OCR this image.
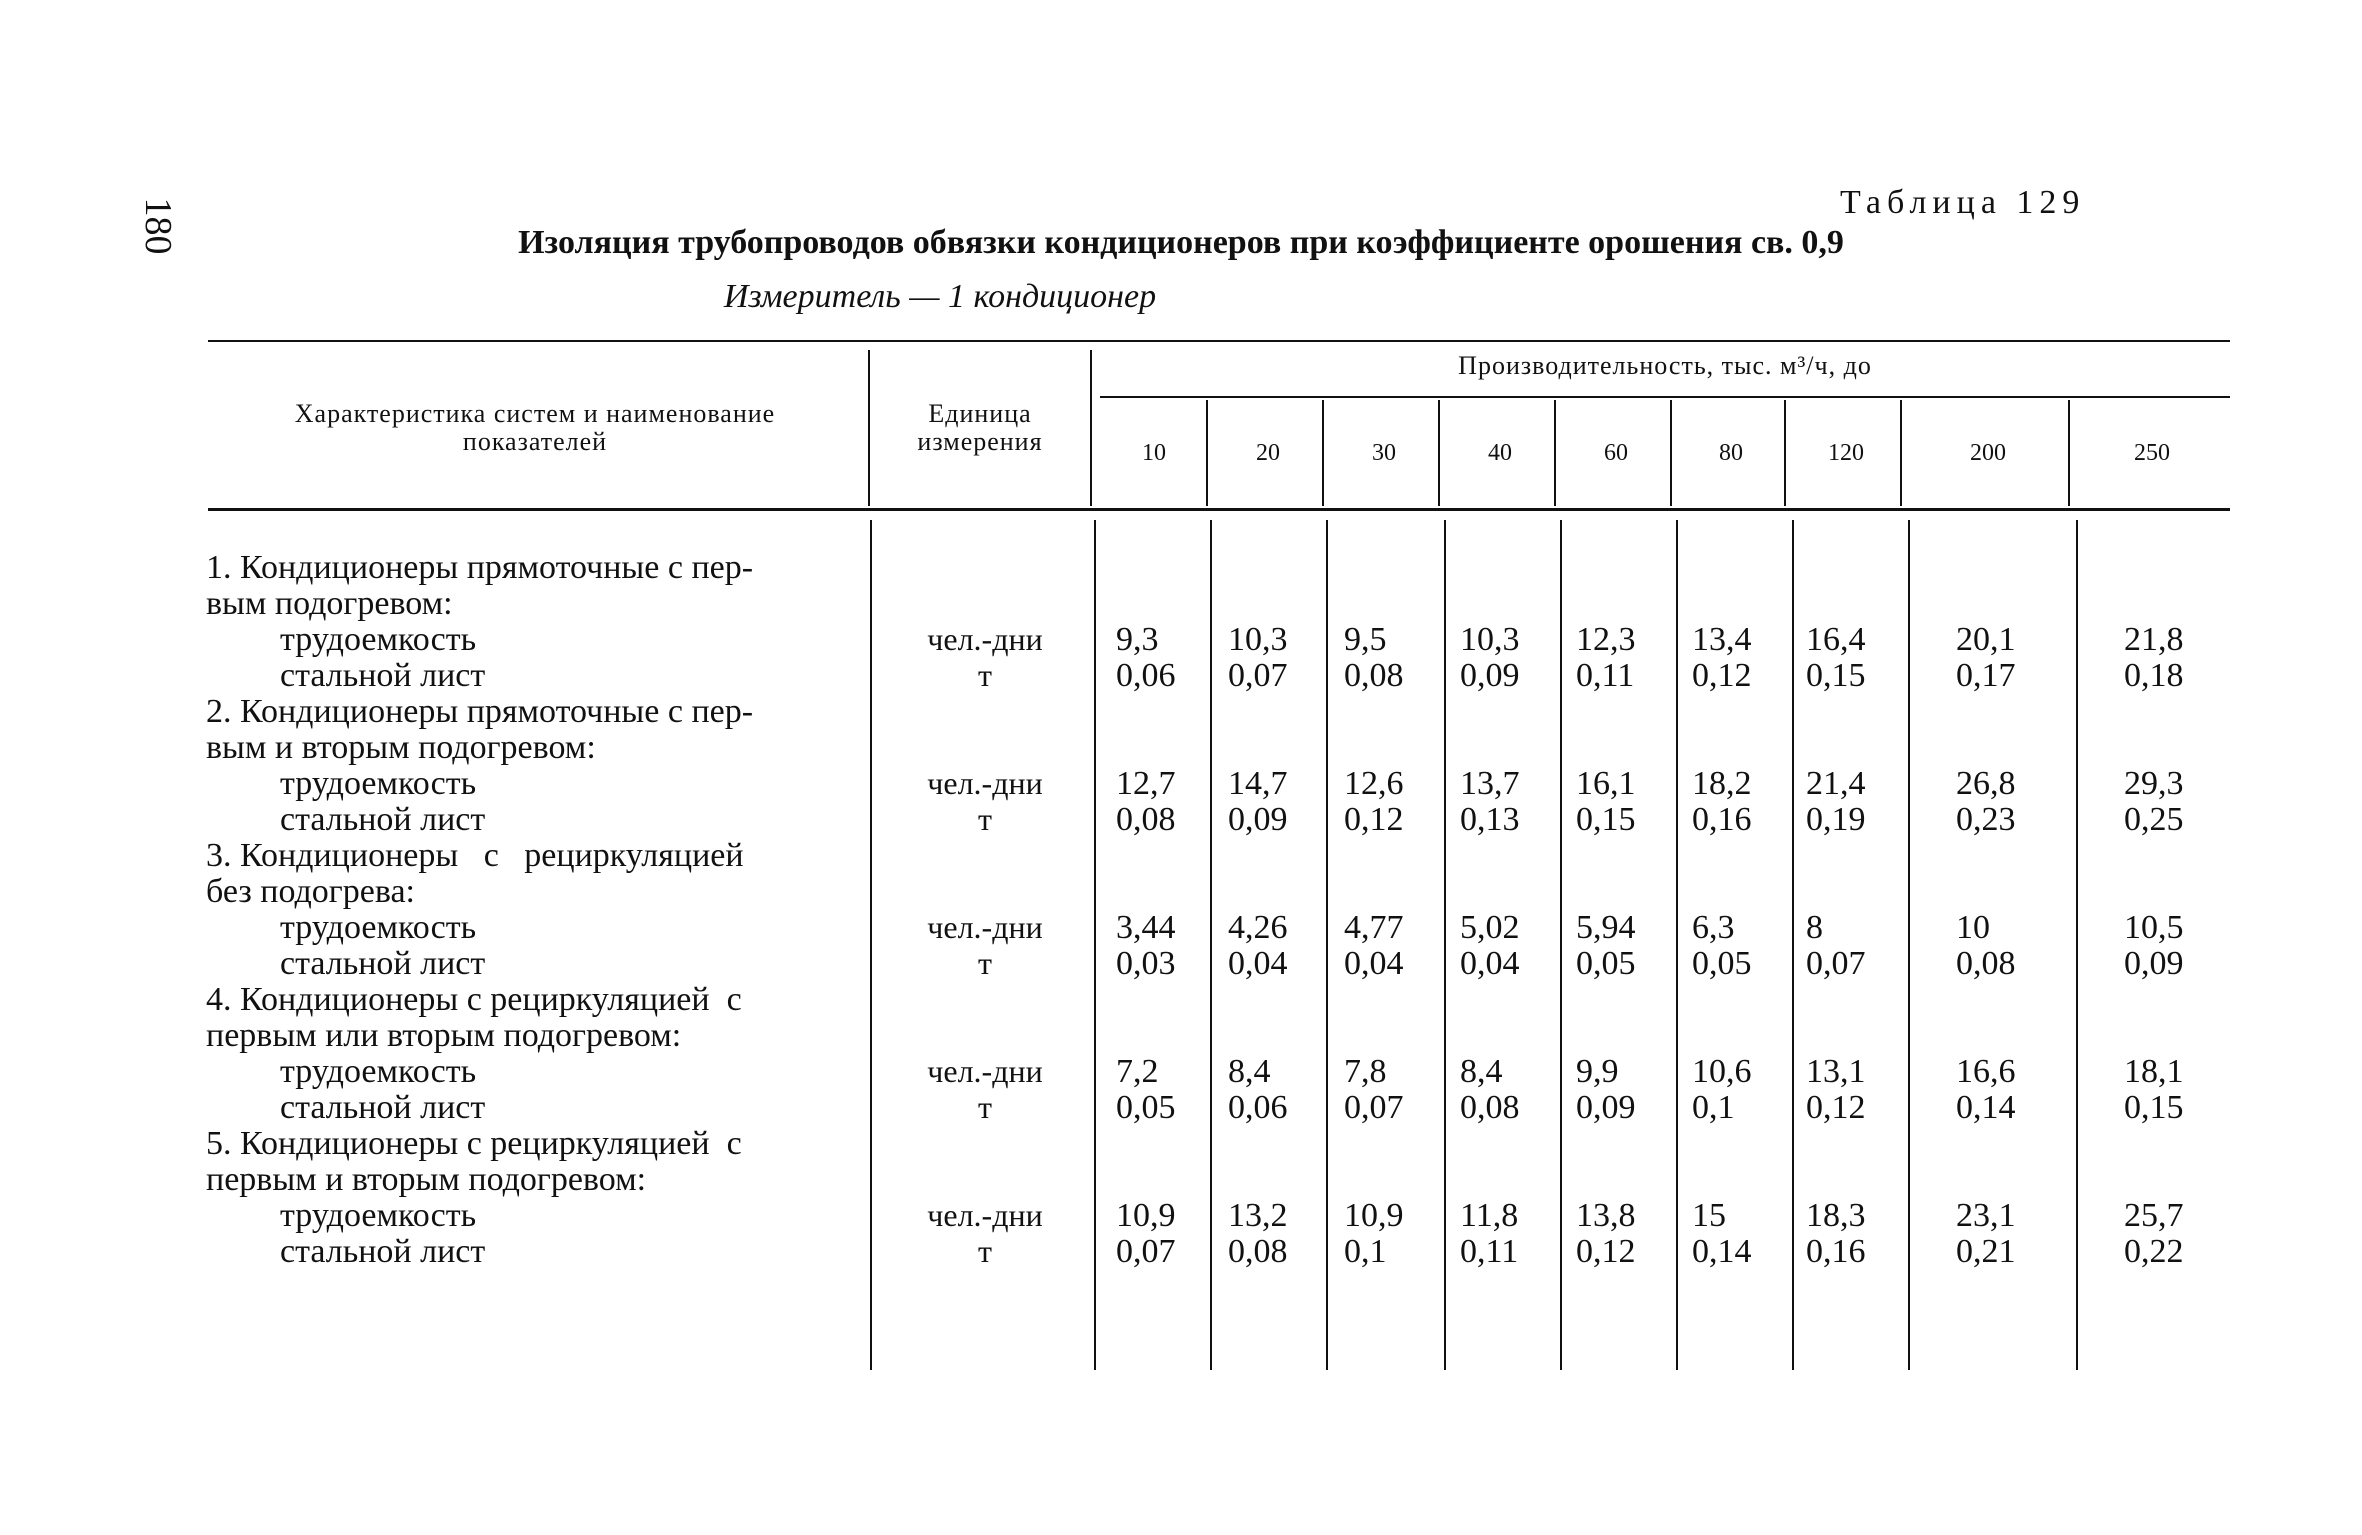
180	Таблица 129
Изоляция трубопроводов обвязки кондиционеров при коэффициенте орошения св. 0,9
Измеритель — 1 кондиционер
Характеристика систем и наименование показателей
Единица измерения
Производительность, тыс. м³/ч, до
10	20	30	40	60	80	120	200	250
1. Кондиционеры прямоточные с пер-
вым подогревом:
трудоемкость	чел.-дни	9,3 10,3 9,5 10,3 12,3 13,4 16,4	20,1	21,8
стальной лист	т	0,06 0,07 0,08 0,09 0,11 0,12 0,15	0,17	0,18
2. Кондиционеры прямоточные с пер-
вым и вторым подогревом:
трудоемкость	чел.-дни	12,7 14,7 12,6 13,7 16,1 18,2 21,4	26,8	29,3
стальной лист	т	0,08 0,09 0,12 0,13 0,15 0,16 0,19	0,23	0,25
3. Кондиционеры   с   рециркуляцией
без подогрева:
трудоемкость	чел.-дни	3,44 4,26 4,77 5,02 5,94 6,3 8	10	10,5
стальной лист	т	0,03 0,04 0,04 0,04 0,05 0,05 0,07	0,08	0,09
4. Кондиционеры с рециркуляцией  с
первым или вторым подогревом:
трудоемкость	чел.-дни	7,2 8,4 7,8 8,4 9,9 10,6 13,1	16,6	18,1
стальной лист	т	0,05 0,06 0,07 0,08 0,09 0,1 0,12	0,14	0,15
5. Кондиционеры с рециркуляцией  с
первым и вторым подогревом:
трудоемкость	чел.-дни	10,9 13,2 10,9 11,8 13,8 15 18,3	23,1	25,7
стальной лист	т	0,07 0,08 0,1 0,11 0,12 0,14 0,16	0,21	0,22
